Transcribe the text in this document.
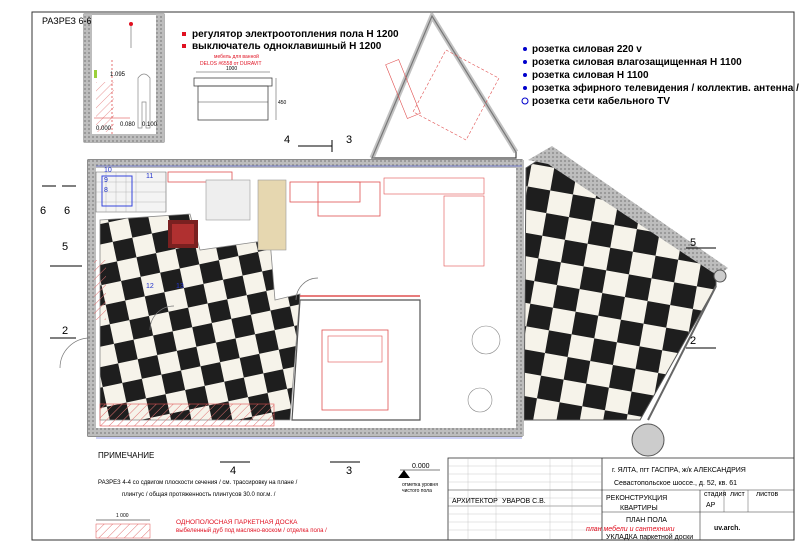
4	3
6 6
5
2
5
2
4	3
10
9
8
11
12	13
РАЗРЕЗ 6-6
1.095
0.000
0.080 0.100
мебель для ванной
DELOS #6558 от DURAVIT
1000
450
регулятор электроотопления пола Н 1200
выключатель одноклавишный Н 1200	розетка силовая 220 v
розетка силовая влагозащищенная Н 1100
розетка силовая Н 1100
розетка эфирного телевидения / коллектив. антенна /
розетка сети кабельного TV
ПРИМЕЧАНИЕ
РАЗРЕЗ 4-4 со сдвигом плоскости сечения / см. трассировку на плане /
плинтус / общая протяженность плинтусов 30.0 пог.м. /
0.000
отметка уровня
чистого пола
1 000
ОДНОПОЛОСНАЯ ПАРКЕТНАЯ ДОСКА
выбеленный дуб под масляно-воском / отделка пола /
г. ЯЛТА, пгт ГАСПРА, ж/к АЛЕКСАНДРИЯ
Севастопольское шоссе., д. 52, кв. 61
РЕКОНСТРУКЦИЯ
КВАРТИРЫ
АРХИТЕКТОР УВАРОВ С.В.
стадия
АР
лист листов
ПЛАН ПОЛА
план мебели и сантехники
УКЛАДКА паркетной доски
uv.arch.
